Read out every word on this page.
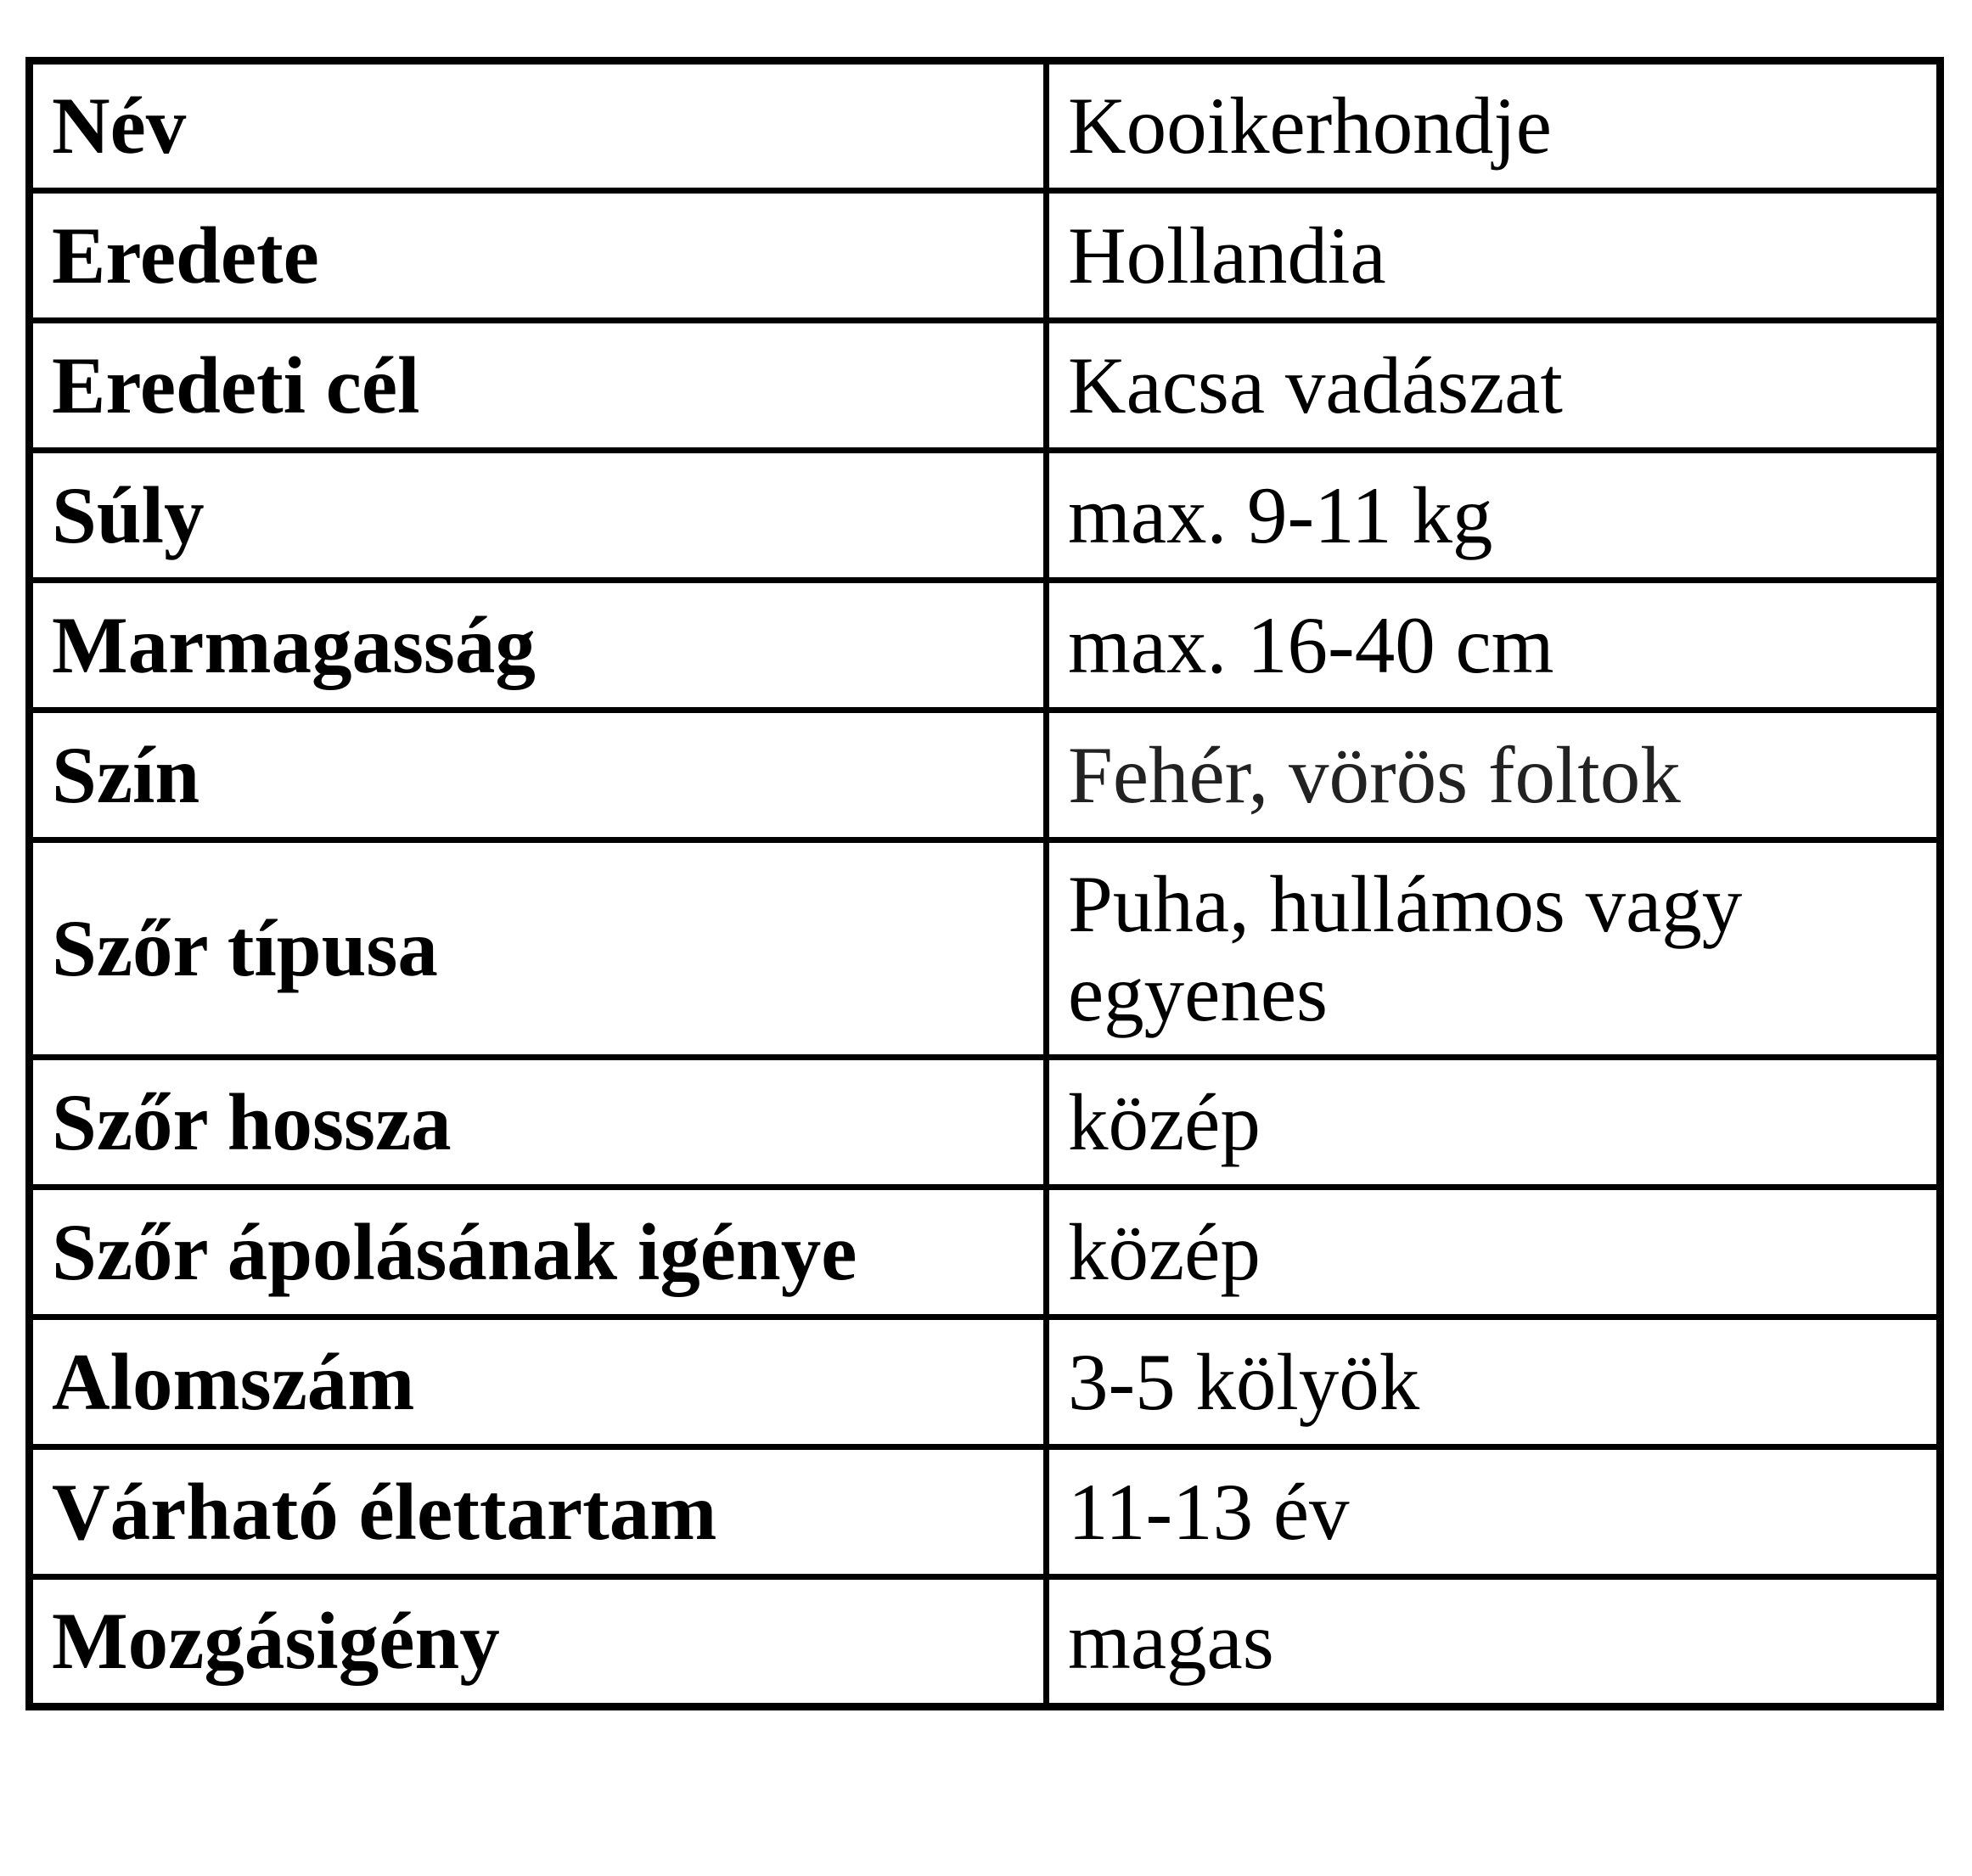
Név	Kooikerhondje
Eredete	Hollandia
Eredeti cél	Kacsa vadászat
Súly	max. 9-11 kg
Marmagasság	max. 16-40 cm
Szín	Fehér, vörös foltok
Szőr típusa	Puha, hullámos vagy egyenes
Szőr hossza	közép
Szőr ápolásának igénye	közép
Alomszám	3-5 kölyök
Várható élettartam	11-13 év
Mozgásigény	magas
